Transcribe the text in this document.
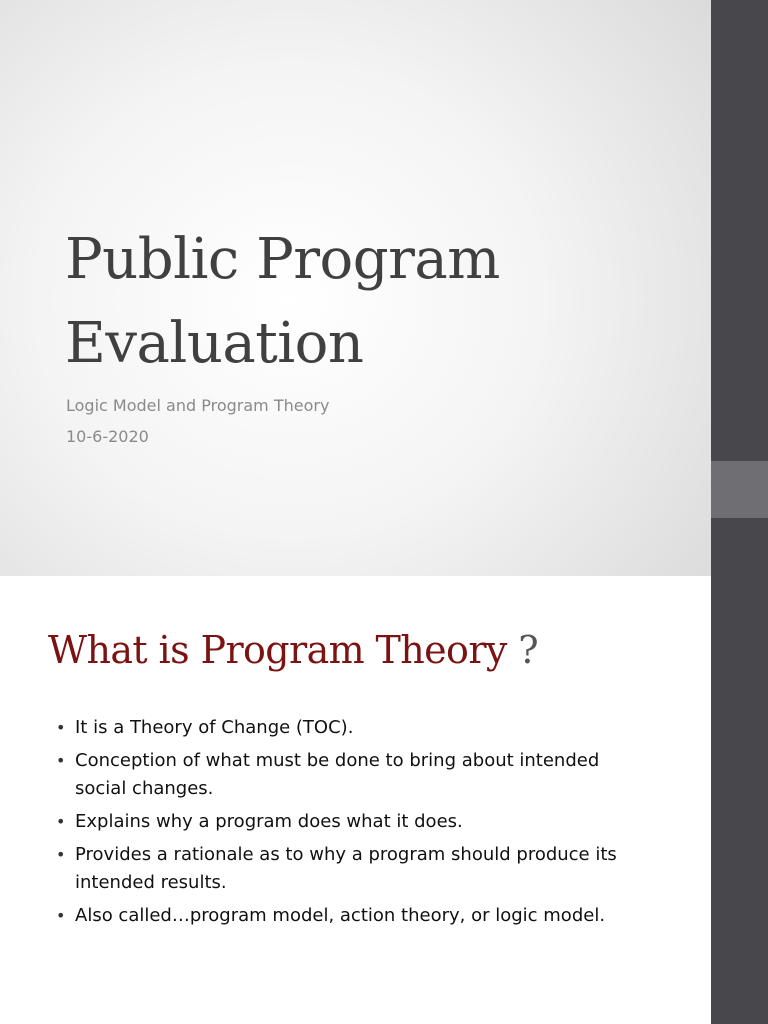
Public Program
Evaluation
Logic Model and Program Theory
10-6-2020
What is Program Theory ?
• It is a Theory of Change (TOC).
• Conception of what must be done to bring about intended social changes.
• Explains why a program does what it does.
• Provides a rationale as to why a program should produce its intended results.
• Also called…program model, action theory, or logic model.
